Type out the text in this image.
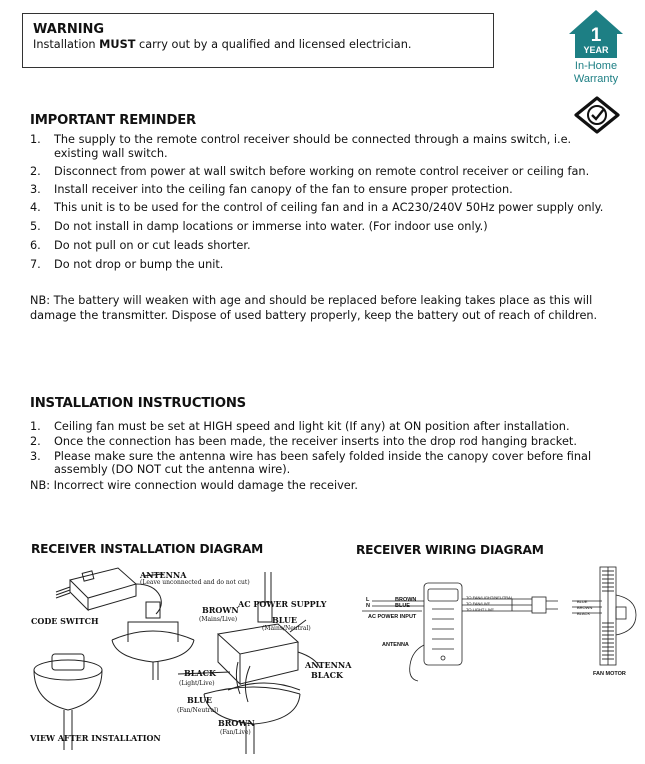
WARNING

Installation MUST carry out by a qualified and licensed electrician.	1
YEAR
In-Home
Warranty
IMPORTANT REMINDER
1. The supply to the remote control receiver should be connected through a mains switch, i.e. existing wall switch.
2. Disconnect from power at wall switch before working on remote control receiver or ceiling fan.
3. Install receiver into the ceiling fan canopy of the fan to ensure proper protection.
4. This unit is to be used for the control of ceiling fan and in a AC230/240V 50Hz power supply only.
5. Do not install in damp locations or immerse into water. (For indoor use only.)
6. Do not pull on or cut leads shorter.
7. Do not drop or bump the unit.

NB: The battery will weaken with age and should be replaced before leaking takes place as this will damage the transmitter. Dispose of used battery properly, keep the battery out of reach of children.

INSTALLATION INSTRUCTIONS
1. Ceiling fan must be set at HIGH speed and light kit (If any) at ON position after installation.
2. Once the connection has been made, the receiver inserts into the drop rod hanging bracket.
3. Please make sure the antenna wire has been safely folded inside the canopy cover before final assembly (DO NOT cut the antenna wire).

NB: Incorrect wire connection would damage the receiver.

RECEIVER INSTALLATION DIAGRAM
ANTENNA
(Leave unconnected and do not cut)
CODE SWITCH
AC POWER SUPPLY
BROWN
(Mains/Live)	BLUE
(Mains/Neutral)
ANTENNA
BLACK
BLACK
(Light/Live)
BLUE
(Fan/Neutral)
BROWN
(Fan/Live)
VIEW AFTER INSTALLATION
RECEIVER WIRING DIAGRAM
L
N
BROWN
BLUE
AC POWER INPUT
ANTENNA
TO FAN/LIGHT/NEUTRAL
TO FAN/LIVE
TO LIGHT LIVE
BLUE
BROWN
BLACK
FAN MOTOR
